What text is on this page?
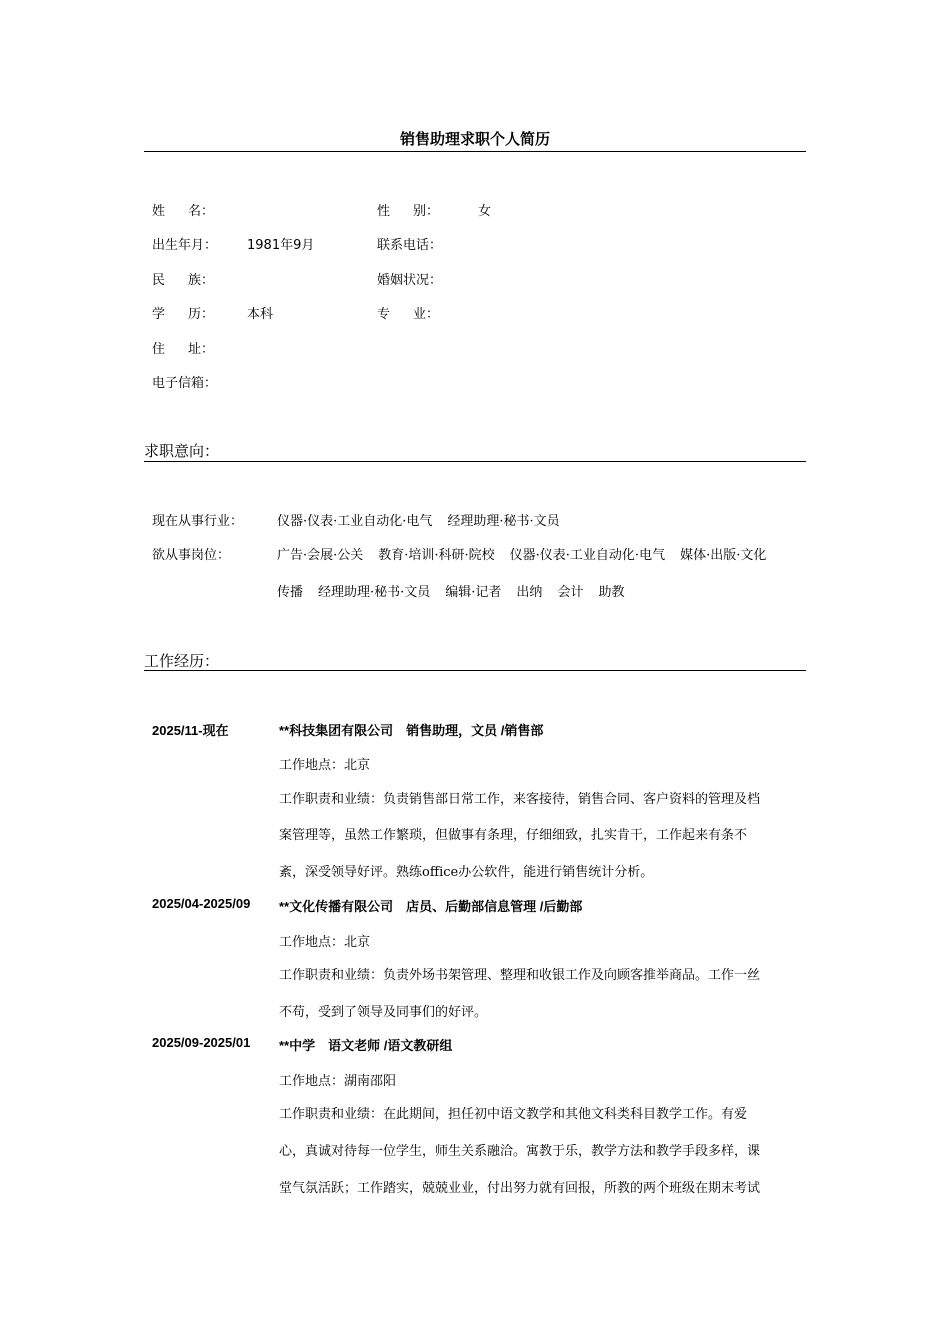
销售助理求职个人简历
姓 名：	性 别：	女
出生年月： 1981年9月	联系电话：
民 族：	婚姻状况：
学 历：	本科	专 业：
住 址：
电子信箱：
求职意向：
现在从事行业：	仪器·仪表·工业自动化·电气 经理助理·秘书·文员
欲从事岗位：	广告·会展·公关 教育·培训·科研·院校 仪器·仪表·工业自动化·电气 媒体·出版·文化
传播 经理助理·秘书·文员 编辑·记者 出纳 会计 助教
工作经历：
2025/11-现在	**科技集团有限公司　销售助理，文员 /销售部
工作地点：北京
工作职责和业绩：负责销售部日常工作，来客接待，销售合同、客户资料的管理及档
案管理等，虽然工作繁琐，但做事有条理，仔细细致，扎实肯干，工作起来有条不
紊，深受领导好评。熟练office办公软件，能进行销售统计分析。
2025/04-2025/09 **文化传播有限公司　店员、后勤部信息管理 /后勤部
工作地点：北京
工作职责和业绩：负责外场书架管理、整理和收银工作及向顾客推举商品。工作一丝
不苟，受到了领导及同事们的好评。
2025/09-2025/01 **中学　语文老师 /语文教研组
工作地点：湖南邵阳
工作职责和业绩：在此期间，担任初中语文教学和其他文科类科目教学工作。有爱
心，真诚对待每一位学生，师生关系融洽。寓教于乐，教学方法和教学手段多样，课
堂气氛活跃；工作踏实，兢兢业业，付出努力就有回报，所教的两个班级在期末考试
